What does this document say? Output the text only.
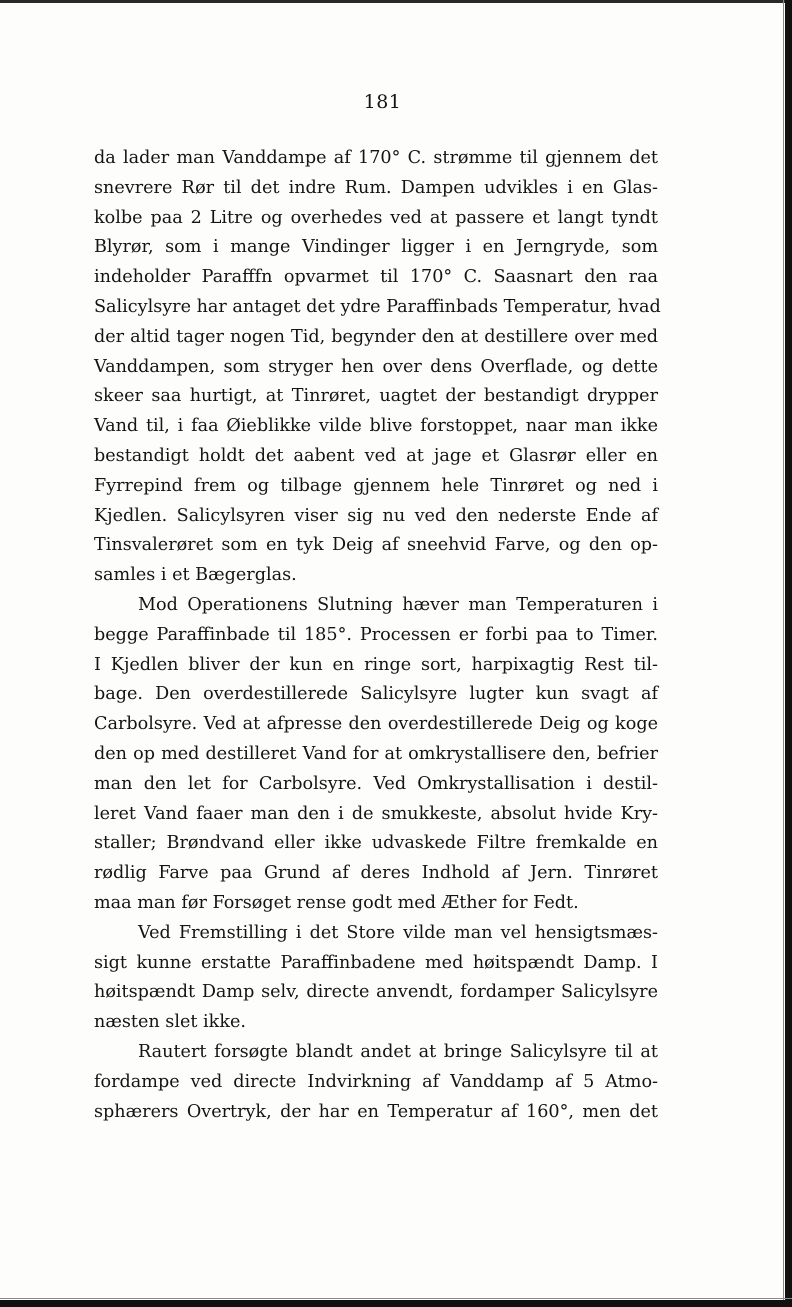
181
da lader man Vanddampe af 170° C. strømme til gjennem det
snevrere Rør til det indre Rum. Dampen udvikles i en Glas-
kolbe paa 2 Litre og overhedes ved at passere et langt tyndt
Blyrør, som i mange Vindinger ligger i en Jerngryde, som
indeholder Parafffn opvarmet til 170° C. Saasnart den raa
Salicylsyre har antaget det ydre Paraffinbads Temperatur, hvad
der altid tager nogen Tid, begynder den at destillere over med
Vanddampen, som stryger hen over dens Overflade, og dette
skeer saa hurtigt, at Tinrøret, uagtet der bestandigt drypper
Vand til, i faa Øieblikke vilde blive forstoppet, naar man ikke
bestandigt holdt det aabent ved at jage et Glasrør eller en
Fyrrepind frem og tilbage gjennem hele Tinrøret og ned i
Kjedlen. Salicylsyren viser sig nu ved den nederste Ende af
Tinsvalerøret som en tyk Deig af sneehvid Farve, og den op-
samles i et Bægerglas.
Mod Operationens Slutning hæver man Temperaturen i
begge Paraffinbade til 185°. Processen er forbi paa to Timer.
I Kjedlen bliver der kun en ringe sort, harpixagtig Rest til-
bage. Den overdestillerede Salicylsyre lugter kun svagt af
Carbolsyre. Ved at afpresse den overdestillerede Deig og koge
den op med destilleret Vand for at omkrystallisere den, befrier
man den let for Carbolsyre. Ved Omkrystallisation i destil-
leret Vand faaer man den i de smukkeste, absolut hvide Kry-
staller; Brøndvand eller ikke udvaskede Filtre fremkalde en
rødlig Farve paa Grund af deres Indhold af Jern. Tinrøret
maa man før Forsøget rense godt med Æther for Fedt.
Ved Fremstilling i det Store vilde man vel hensigtsmæs-
sigt kunne erstatte Paraffinbadene med høitspændt Damp. I
høitspændt Damp selv, directe anvendt, fordamper Salicylsyre
næsten slet ikke.
Rautert forsøgte blandt andet at bringe Salicylsyre til at
fordampe ved directe Indvirkning af Vanddamp af 5 Atmo-
sphærers Overtryk, der har en Temperatur af 160°, men det
